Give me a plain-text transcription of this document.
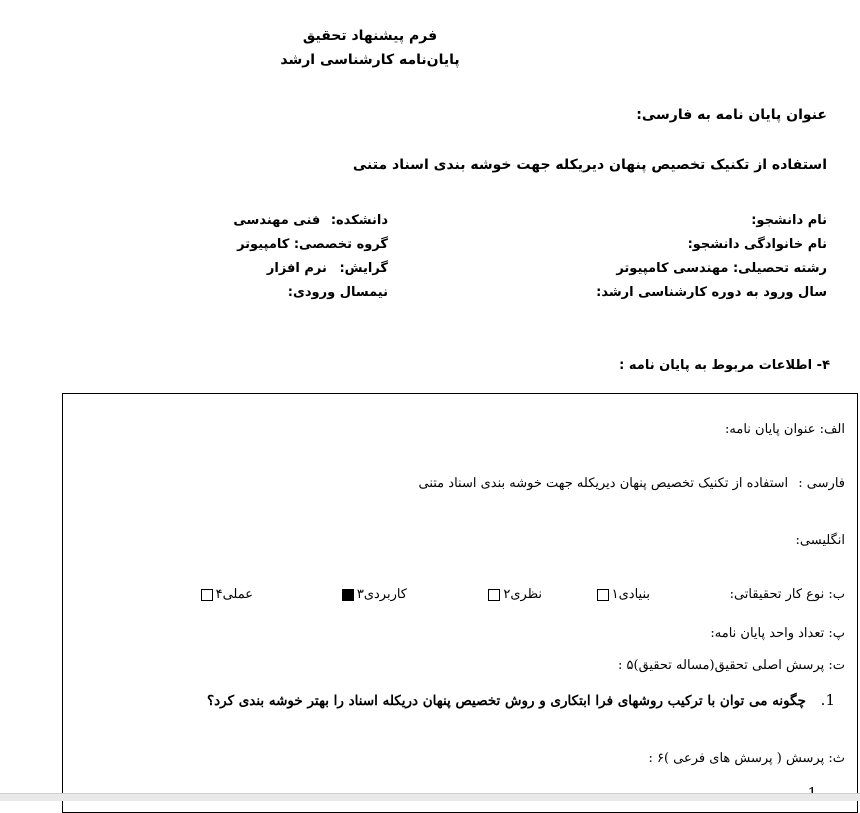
فرم پیشنهاد تحقیق
پایان‌نامه کارشناسی ارشد
عنوان پایان نامه به فارسی:
استفاده از تکنیک تخصیص پنهان دیریکله جهت خوشه بندی اسناد متنی
نام دانشجو:
نام خانوادگی دانشجو:
رشته تحصیلی: مهندسی کامپیوتر
سال ورود به دوره کارشناسی ارشد:
دانشکده: فنی مهندسی
گروه تخصصی: کامپیوتر
گرایش: نرم افزار
نیمسال ورودی:
۴- اطلاعات مربوط به پایان نامه :
الف: عنوان پایان نامه:
فارسی : استفاده از تکنیک تخصیص پنهان دیریکله جهت خوشه بندی اسناد متنی
انگلیسی:
ب: نوع کار تحقیقاتی:
بنیادی۱
نظری۲
کاربردی۳
عملی۴
پ: تعداد واحد پایان نامه:
ت: پرسش اصلی تحقیق(مساله تحقیق)۵ :
1. چگونه می توان با ترکیب روشهای فرا ابتکاری و روش تخصیص پنهان دریکله اسناد را بهتر خوشه بندی کرد؟
ث: پرسش ( پرسش های فرعی )۶ :
